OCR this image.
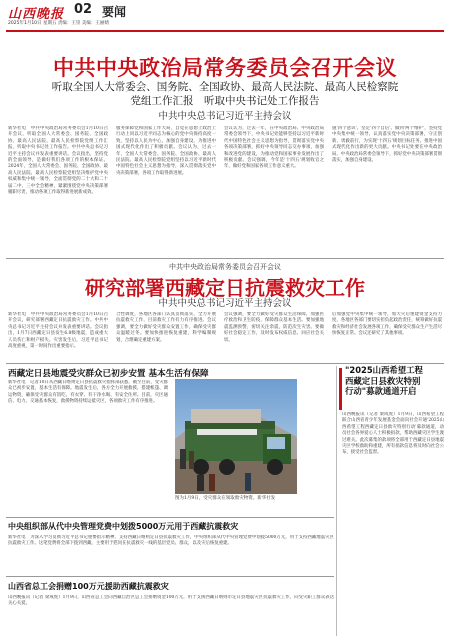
山西晚报 02 要闻
2025年1月10日 星期五 责编：王崇 美编：王丽婧
中共中央政治局常务委员会召开会议
听取全国人大常委会、国务院、全国政协、最高人民法院、最高人民检察院
党组工作汇报　听取中央书记处工作报告
中共中央总书记习近平主持会议
新华社电　中共中央政治局常务委员会1月10日召开会议，听取全国人大常委会、国务院、全国政协、最高人民法院、最高人民检察院党组工作汇报，听取中央书记处工作报告。中共中央总书记习近平主持会议并发表重要讲话。会议指出，坚持党的全面领导，是做好我们各项工作的根本保证。2024年，全国人大常委会、国务院、全国政协、最高人民法院、最高人民检察院党组坚决维护党中央权威和集中统一领导，全面贯彻党的二十大和二十届二中、三中全会精神，紧紧围绕党中央决策部署履职尽责，推动各项工作取得新进展新成效。
服务保障党和国家工作大局，自觉在思想上政治上行动上同以习近平同志为核心的党中央保持高度一致，坚持以人民为中心，加强自身建设，为推进中国式现代化作出了积极贡献。会议认为，过去一年，全国人大常委会、国务院、全国政协、最高人民法院、最高人民检察院党组坚持以习近平新时代中国特色社会主义思想为指导，深入贯彻落实党中央决策部署，各项工作取得新进展。
会议认为，过去一年，在中央政治局、中央政治局常委会领导下，中央书记处能够坚持以习近平新时代中国特色社会主义思想为指导，贯彻落实党中央各项决策部署，抓好中央领导同志交办事项，加强和改进党的建设，为推动党和国家事业发展作出了积极贡献。会议强调，今年是'十四五'规划收官之年，做好党和国家各项工作意义重大。
施'四个意识'、坚定'四个自信'、做到'两个维护'，坚持党中央集中统一领导，认真落实党中央决策部署，守正创新、勇毅前行，为实现'十四五'规划目标任务、推进中国式现代化作出新的更大贡献。中央书记处要在中央政治局、中央政治局常委会领导下，抓好党中央决策部署贯彻落实，加强自身建设。
中共中央政治局常务委员会召开会议
研究部署西藏定日抗震救灾工作
中共中央总书记习近平主持会议
新华社电　中共中央政治局常务委员会1月10日召开会议，研究部署西藏定日抗震救灾工作。中共中央总书记习近平主持会议并发表重要讲话。会议指出，1月7日西藏定日县发生6.8级地震，造成重大人员伤亡和财产损失。灾害发生后，习近平总书记高度重视，第一时间作出重要指示。
合性调度，各地区各部门认真贯彻落实，全力开展抗震救灾工作，目前救灾工作有力有序推进。会议强调，要全力做好受灾群众安置工作，确保受灾群众温暖过冬。要加快推进恢复重建，科学编制规划，合理确定重建方案。
会议强调，要全力做好受灾群众生活保障，加强医疗救治和卫生防疫，保障群众基本生活。要加强地震监测预警，密切关注余震，防范次生灾害。要做好社会稳定工作，及时发布权威信息，回应社会关切。
后加强党中央集中统一领导，加大灾后重建资金支持力度，各地区各部门要切实担负起政治责任，统筹做好抗震救灾和经济社会发展各项工作，确保受灾群众生产生活尽快恢复正常。会议还研究了其他事项。
西藏定日县地震受灾群众已初步安置 基本生活有保障
新华社电　记者10日从西藏日喀则定日县抗震救灾指挥部获悉，截至目前，受灾群众已初步安置，基本生活有保障。地震发生后，各方全力开展救援，搭建帐篷、调运物资，确保受灾群众有饭吃、有衣穿、有干净水喝、有安全住所。目前，灾区通信、电力、交通基本恢复，救援物资持续运抵灾区，各项救灾工作有序推进。
图为1月9日，受灾群众在领取救灾物资。新华社发
"2025山西希望工程
西藏定日县救灾特别
行动"募款通道开启
山西晚报讯（记者 梁成虎）1月9日，山西希望工程联合山西省青少年发展基金会面向社会开通'2025山西希望工程西藏定日县救灾特别行动'募款通道，动员社会各界爱心人士积极捐款，帮助西藏灾区学生渡过难关。此次募集的款项将全部用于西藏定日县地震灾区学校救助和重建，所有捐款信息将及时向社会公布，接受社会监督。
中央组织部从代中央管理党费中划拨5000万元用于西藏抗震救灾
新华社电　为深入学习贯彻习近平总书记重要指示精神，支持西藏日喀则定日县抗震救灾工作，中央组织部从代中央管理党费中划拨5000万元，用于支持西藏地震灾区抗震救灾工作。这笔党费将全部下拨到西藏，主要用于慰问在抗震救灾一线的基层党员、群众，以及灾后恢复重建。
山西省总工会捐赠100万元援助西藏抗震救灾
山西晚报讯（记者 梁成虎）1月9日，山西省总工会向西藏自治区总工会捐赠资金100万元，用于支援西藏日喀则市定日县地震灾区抗震救灾工作，向受灾职工群众表达关心关爱。
